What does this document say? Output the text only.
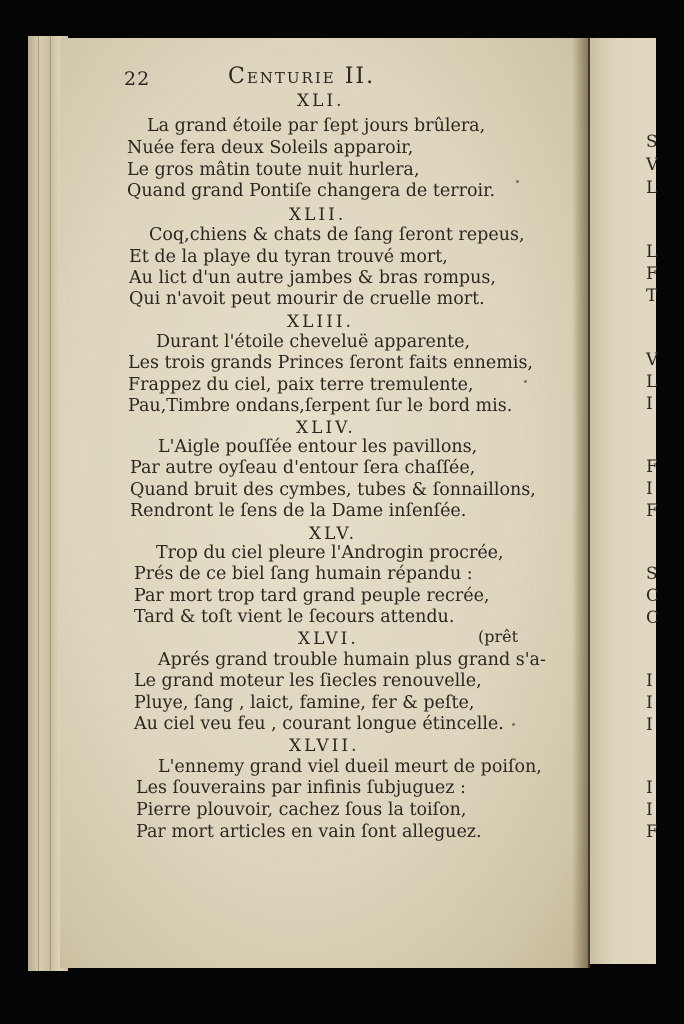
22	Centurie II.
XLI.
La grand étoile par ſept jours brûlera,
Nuée fera deux Soleils apparoir,
Le gros mâtin toute nuit hurlera,
Quand grand Pontiſe changera de terroir.
XLII.
Coq,chiens & chats de ſang ſeront repeus,
Et de la playe du tyran trouvé mort,
Au lict d'un autre jambes & bras rompus,
Qui n'avoit peut mourir de cruelle mort.
XLIII.
Durant l'étoile cheveluë apparente,
Les trois grands Princes ſeront faits ennemis,
Frappez du ciel, paix terre tremulente,
Pau,Timbre ondans,ſerpent ſur le bord mis.
XLIV.
L'Aigle pouſſée entour les pavillons,
Par autre oyſeau d'entour ſera chaſſée,
Quand bruit des cymbes, tubes & ſonnaillons,
Rendront le ſens de la Dame inſenſée.
XLV.
Trop du ciel pleure l'Androgin procrée,
Prés de ce biel ſang humain répandu :
Par mort trop tard grand peuple recrée,
Tard & toſt vient le ſecours attendu.
XLVI.	(prêt
Aprés grand trouble humain plus grand s'a-
Le grand moteur les ſiecles renouvelle,
Pluye, ſang , laict, famine, fer & peſte,
Au ciel veu feu , courant longue étincelle.
XLVII.
L'ennemy grand viel dueil meurt de poiſon,
Les ſouverains par infinis ſubjuguez :
Pierre plouvoir, cachez ſous la toiſon,
Par mort articles en vain ſont alleguez.
S
V
L
L
F
T
V
L
I
F
I
F
S
C
C
I
I
I
I
I
F
